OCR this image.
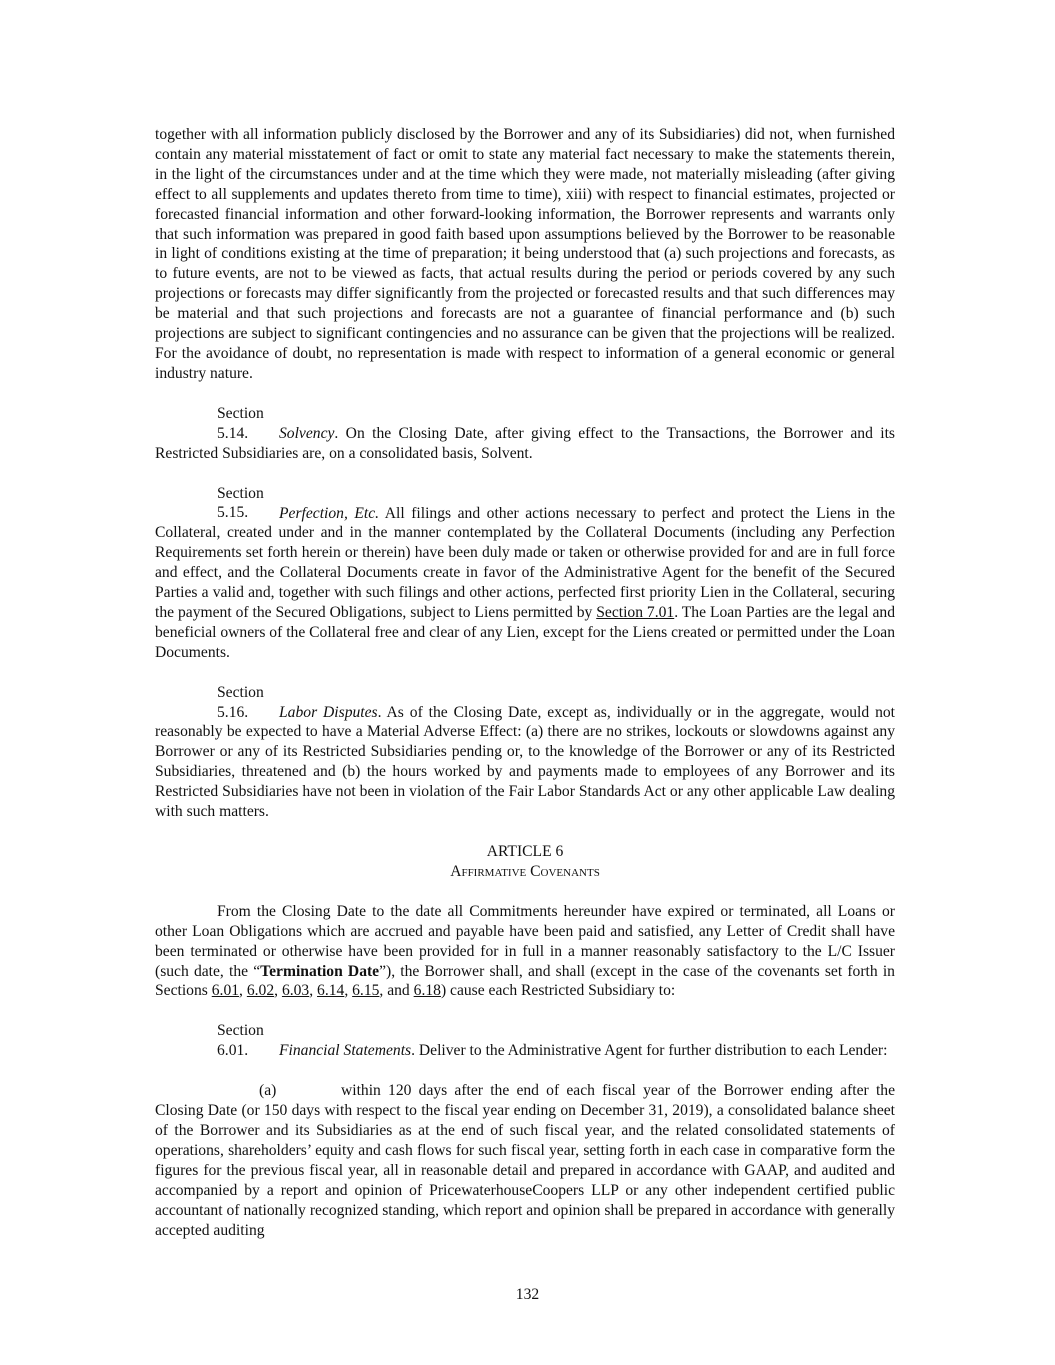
together with all information publicly disclosed by the Borrower and any of its Subsidiaries) did not, when furnished contain any material misstatement of fact or omit to state any material fact necessary to make the statements therein, in the light of the circumstances under and at the time which they were made, not materially misleading (after giving effect to all supplements and updates thereto from time to time), xiii) with respect to financial estimates, projected or forecasted financial information and other forward-looking information, the Borrower represents and warrants only that such information was prepared in good faith based upon assumptions believed by the Borrower to be reasonable in light of conditions existing at the time of preparation; it being understood that (a) such projections and forecasts, as to future events, are not to be viewed as facts, that actual results during the period or periods covered by any such projections or forecasts may differ significantly from the projected or forecasted results and that such differences may be material and that such projections and forecasts are not a guarantee of financial performance and (b) such projections are subject to significant contingencies and no assurance can be given that the projections will be realized. For the avoidance of doubt, no representation is made with respect to information of a general economic or general industry nature.

Section 5.14. Solvency. On the Closing Date, after giving effect to the Transactions, the Borrower and its Restricted Subsidiaries are, on a consolidated basis, Solvent.

Section 5.15. Perfection, Etc. All filings and other actions necessary to perfect and protect the Liens in the Collateral, created under and in the manner contemplated by the Collateral Documents (including any Perfection Requirements set forth herein or therein) have been duly made or taken or otherwise provided for and are in full force and effect, and the Collateral Documents create in favor of the Administrative Agent for the benefit of the Secured Parties a valid and, together with such filings and other actions, perfected first priority Lien in the Collateral, securing the payment of the Secured Obligations, subject to Liens permitted by Section 7.01. The Loan Parties are the legal and beneficial owners of the Collateral free and clear of any Lien, except for the Liens created or permitted under the Loan Documents.

Section 5.16. Labor Disputes. As of the Closing Date, except as, individually or in the aggregate, would not reasonably be expected to have a Material Adverse Effect: (a) there are no strikes, lockouts or slowdowns against any Borrower or any of its Restricted Subsidiaries pending or, to the knowledge of the Borrower or any of its Restricted Subsidiaries, threatened and (b) the hours worked by and payments made to employees of any Borrower and its Restricted Subsidiaries have not been in violation of the Fair Labor Standards Act or any other applicable Law dealing with such matters.

ARTICLE 6

Affirmative Covenants

From the Closing Date to the date all Commitments hereunder have expired or terminated, all Loans or other Loan Obligations which are accrued and payable have been paid and satisfied, any Letter of Credit shall have been terminated or otherwise have been provided for in full in a manner reasonably satisfactory to the L/C Issuer (such date, the “Termination Date”), the Borrower shall, and shall (except in the case of the covenants set forth in Sections 6.01, 6.02, 6.03, 6.14, 6.15, and 6.18) cause each Restricted Subsidiary to:

Section 6.01. Financial Statements. Deliver to the Administrative Agent for further distribution to each Lender:

(a)	within 120 days after the end of each fiscal year of the Borrower ending after the Closing Date (or 150 days with respect to the fiscal year ending on December 31, 2019), a consolidated balance sheet of the Borrower and its Subsidiaries as at the end of such fiscal year, and the related consolidated statements of operations, shareholders’ equity and cash flows for such fiscal year, setting forth in each case in comparative form the figures for the previous fiscal year, all in reasonable detail and prepared in accordance with GAAP, and audited and accompanied by a report and opinion of PricewaterhouseCoopers LLP or any other independent certified public accountant of nationally recognized standing, which report and opinion shall be prepared in accordance with generally accepted auditing

132
